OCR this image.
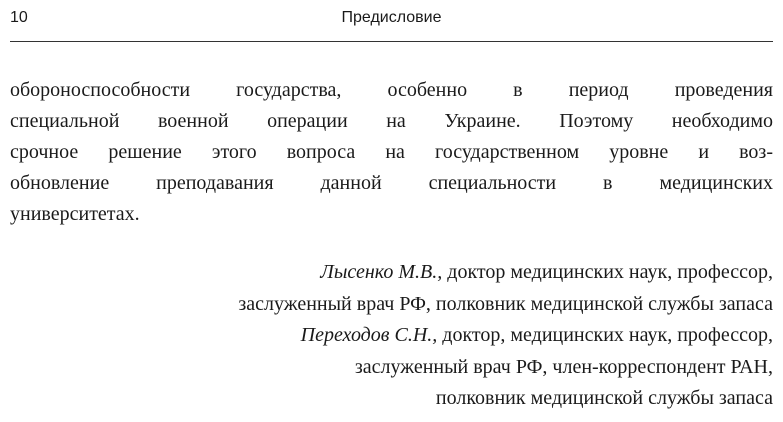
10	Предисловие
обороноспособности государства, особенно в период проведения
специальной военной операции на Украине. Поэтому необходимо
срочное решение этого вопроса на государственном уровне и воз-
обновление преподавания данной специальности в медицинских
университетах.
Лысенко М.В., доктор медицинских наук, профессор,
заслуженный врач РФ, полковник медицинской службы запаса
Переходов С.Н., доктор, медицинских наук, профессор,
заслуженный врач РФ, член-корреспондент РАН,
полковник медицинской службы запаса
